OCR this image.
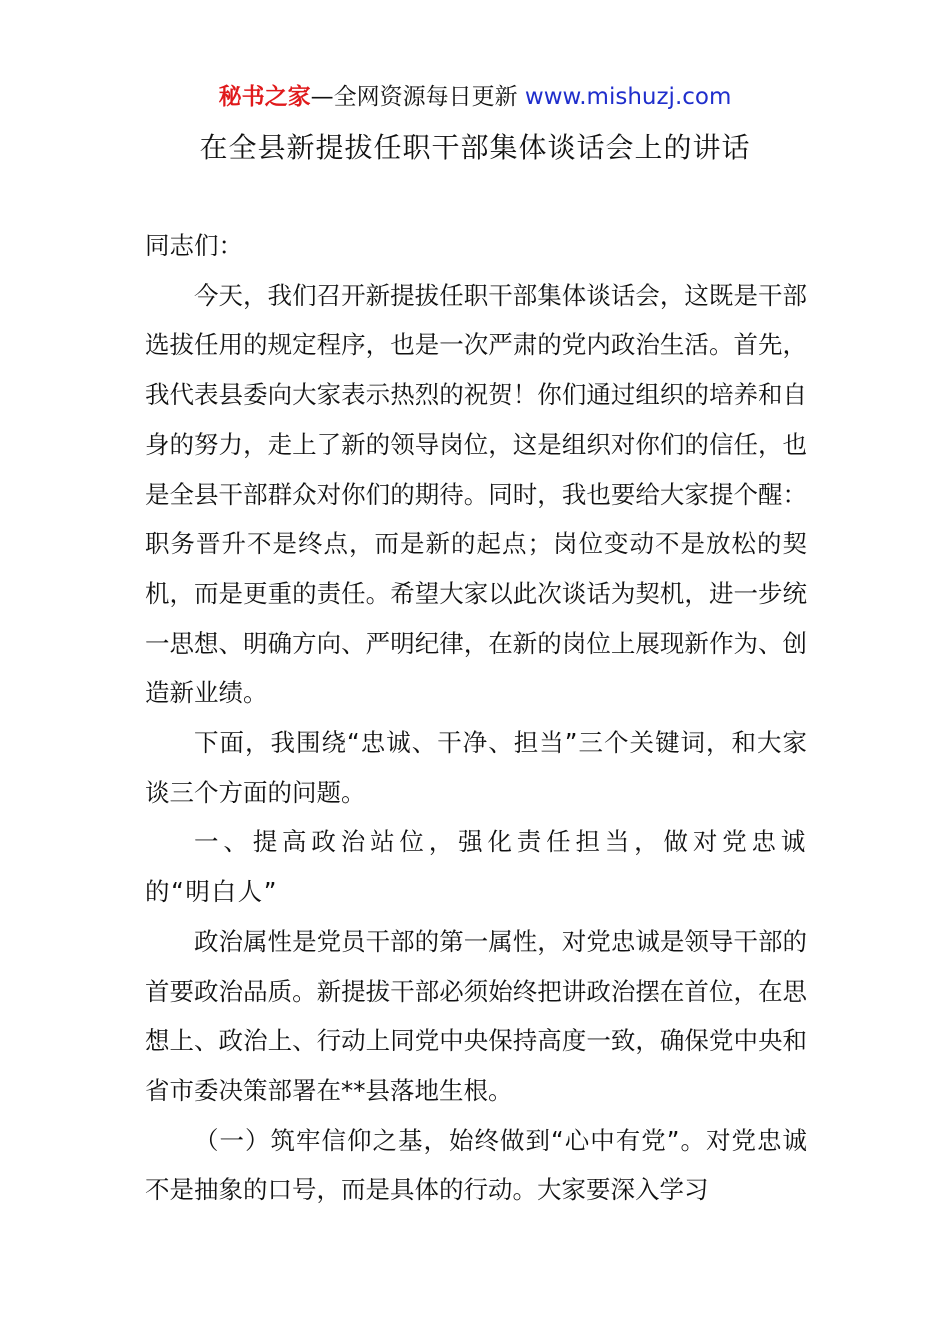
秘书之家—全网资源每日更新 www.mishuzj.com
在全县新提拔任职干部集体谈话会上的讲话

同志们：

今天，我们召开新提拔任职干部集体谈话会，这既是干部选拔任用的规定程序，也是一次严肃的党内政治生活。首先，我代表县委向大家表示热烈的祝贺！你们通过组织的培养和自身的努力，走上了新的领导岗位，这是组织对你们的信任，也是全县干部群众对你们的期待。同时，我也要给大家提个醒：职务晋升不是终点，而是新的起点；岗位变动不是放松的契机，而是更重的责任。希望大家以此次谈话为契机，进一步统一思想、明确方向、严明纪律，在新的岗位上展现新作为、创造新业绩。

下面，我围绕“忠诚、干净、担当”三个关键词，和大家谈三个方面的问题。

一、提高政治站位，强化责任担当，做对党忠诚的“明白人”

政治属性是党员干部的第一属性，对党忠诚是领导干部的首要政治品质。新提拔干部必须始终把讲政治摆在首位，在思想上、政治上、行动上同党中央保持高度一致，确保党中央和省市委决策部署在**县落地生根。

（一）筑牢信仰之基，始终做到“心中有党”。对党忠诚不是抽象的口号，而是具体的行动。大家要深入学习
